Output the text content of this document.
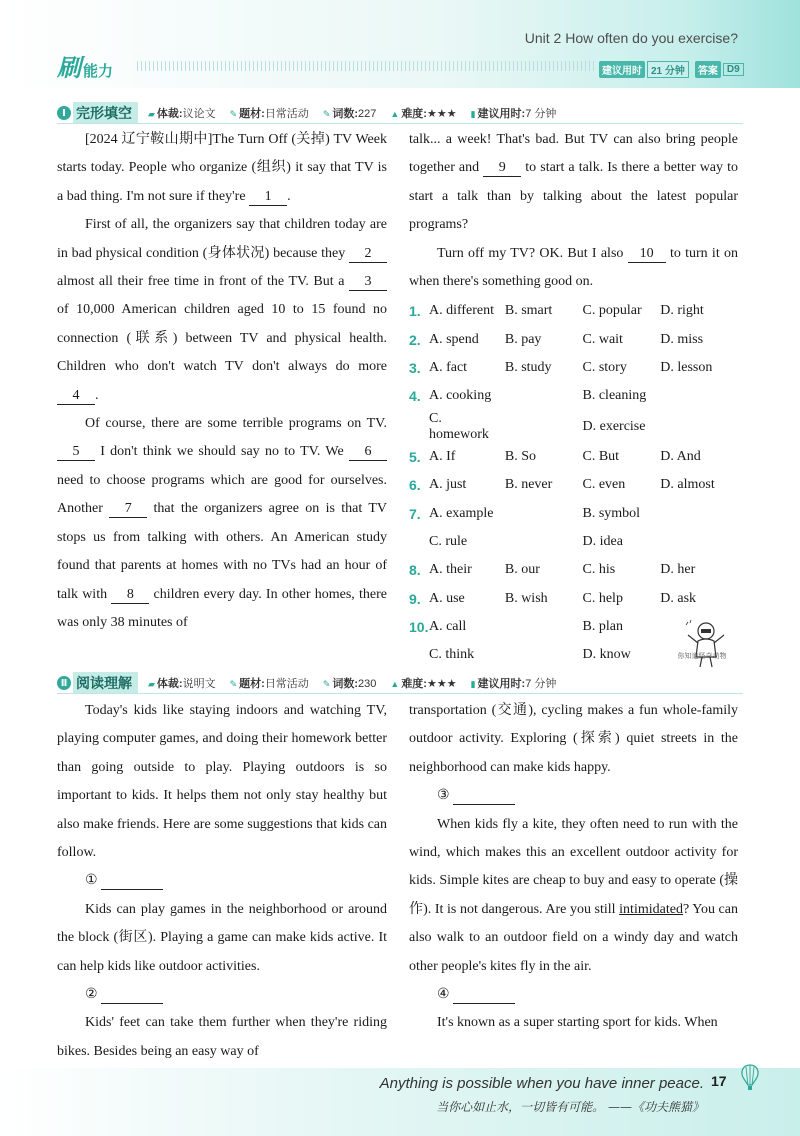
Unit 2 How often do you exercise?
刷能力	建议用时 21 分钟	答案 D9
Ⅰ 完形填空	▰ 体裁:议论文 ✎ 题材:日常活动 ✎ 词数:227 ▲ 难度:★★★ ▮ 建议用时:7 分钟

[2024 辽宁鞍山期中]The Turn Off (关掉) TV Week starts today. People who organize (组织) it say that TV is a bad thing. I'm not sure if they're 1 .

First of all, the organizers say that children today are in bad physical condition (身体状况) because they 2 almost all their free time in front of the TV. But a 3 of 10,000 American children aged 10 to 15 found no connection (联系) between TV and physical health. Children who don't watch TV don't always do more 4 .

Of course, there are some terrible programs on TV. 5 I don't think we should say no to TV. We 6 need to choose programs which are good for ourselves. Another 7 that the organizers agree on is that TV stops us from talking with others. An American study found that parents at homes with no TVs had an hour of talk with 8 children every day. In other homes, there was only 38 minutes of

talk... a week! That's bad. But TV can also bring people together and 9 to start a talk. Is there a better way to start a talk than by talking about the latest popular programs?

Turn off my TV? OK. But I also 10 to turn it on when there's something good on.

1.	A. different	B. smart	C. popular	D. right
2.	A. spend	B. pay	C. wait	D. miss
3.	A. fact	B. study	C. story	D. lesson
4.	A. cooking		B. cleaning	
	C. homework		D. exercise	
5.	A. If	B. So	C. But	D. And
6.	A. just	B. never	C. even	D. almost
7.	A. example		B. symbol	
	C. rule		D. idea	
8.	A. their	B. our	C. his	D. her
9.	A. use	B. wish	C. help	D. ask
10.	A. call		B. plan	
	C. think		D. know		你知道怪奇动物
Ⅱ 阅读理解	▰ 体裁:说明文 ✎ 题材:日常活动 ✎ 词数:230 ▲ 难度:★★★ ▮ 建议用时:7 分钟

Today's kids like staying indoors and watching TV, playing computer games, and doing their homework better than going outside to play. Playing outdoors is so important to kids. It helps them not only stay healthy but also make friends. Here are some suggestions that kids can follow.

①

Kids can play games in the neighborhood or around the block (街区). Playing a game can make kids active. It can help kids like outdoor activities.

②

Kids' feet can take them further when they're riding bikes. Besides being an easy way of

transportation (交通), cycling makes a fun whole-family outdoor activity. Exploring (探索) quiet streets in the neighborhood can make kids happy.

③

When kids fly a kite, they often need to run with the wind, which makes this an excellent outdoor activity for kids. Simple kites are cheap to buy and easy to operate (操作). It is not dangerous. Are you still intimidated? You can also walk to an outdoor field on a windy day and watch other people's kites fly in the air.

④

It's known as a super starting sport for kids. When

Anything is possible when you have inner peace.
当你心如止水，一切皆有可能。 ——《功夫熊猫》
17
